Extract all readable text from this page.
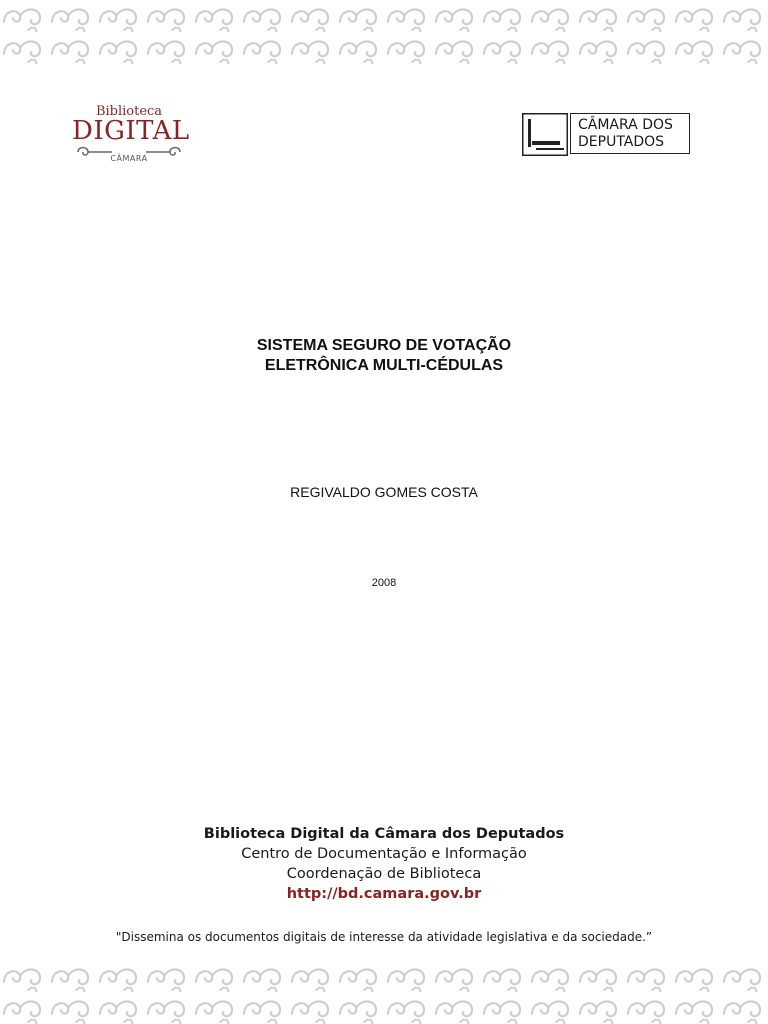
Biblioteca
DIGITAL
CÂMARA
CÂMARA DOS
DEPUTADOS
SISTEMA SEGURO DE VOTAÇÃO
ELETRÔNICA MULTI-CÉDULAS
REGIVALDO GOMES COSTA
2008
Biblioteca Digital da Câmara dos Deputados
Centro de Documentação e Informação
Coordenação de Biblioteca
http://bd.camara.gov.br
"Dissemina os documentos digitais de interesse da atividade legislativa e da sociedade.”
